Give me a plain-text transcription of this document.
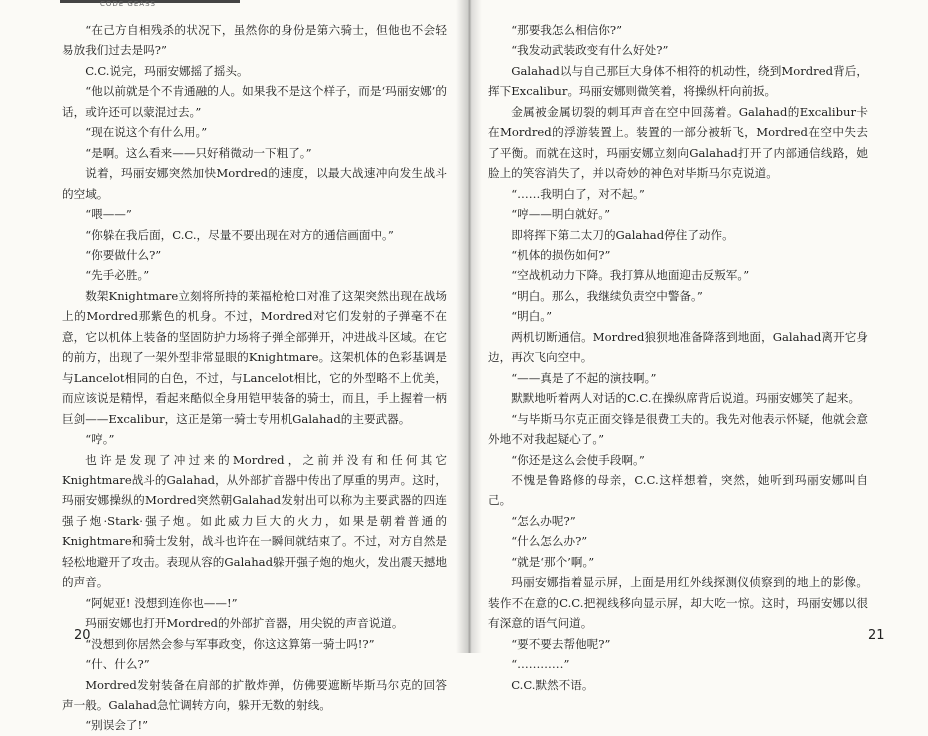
CODE GEASS

“在己方自相残杀的状况下，虽然你的身份是第六骑士，但他也不会轻易放我们过去是吗?”

C.C.说完，玛丽安娜摇了摇头。

“他以前就是个不肯通融的人。如果我不是这个样子，而是‘玛丽安娜’的话，或许还可以蒙混过去。”

“现在说这个有什么用。”

“是啊。这么看来——只好稍微动一下粗了。”

说着，玛丽安娜突然加快Mordred的速度，以最大战速冲向发生战斗的空域。

“喂——”

“你躲在我后面，C.C.，尽量不要出现在对方的通信画面中。”

“你要做什么?”

“先手必胜。”

数架Knightmare立刻将所持的莱福枪枪口对准了这架突然出现在战场上的Mordred那紫色的机身。不过，Mordred对它们发射的子弹毫不在意，它以机体上装备的坚固防护力场将子弹全部弹开，冲进战斗区域。在它的前方，出现了一架外型非常显眼的Knightmare。这架机体的色彩基调是与Lancelot相同的白色，不过，与Lancelot相比，它的外型略不上优美，而应该说是精悍，看起来酷似全身用铠甲装备的骑士，而且，手上握着一柄巨剑——Excalibur，这正是第一骑士专用机Galahad的主要武器。

“哼。”

也许是发现了冲过来的Mordred，之前并没有和任何其它Knightmare战斗的Galahad，从外部扩音器中传出了厚重的男声。这时，玛丽安娜操纵的Mordred突然朝Galahad发射出可以称为主要武器的四连强子炮·Stark·强子炮。如此威力巨大的火力，如果是朝着普通的Knightmare和骑士发射，战斗也许在一瞬间就结束了。不过，对方自然是轻松地避开了攻击。表现从容的Galahad躲开强子炮的炮火，发出震天撼地的声音。

“阿妮亚! 没想到连你也——!”

玛丽安娜也打开Mordred的外部扩音器，用尖锐的声音说道。

“没想到你居然会参与军事政变，你这这算第一骑士吗!?”

“什、什么?”

Mordred发射装备在肩部的扩散炸弹，仿佛要遮断毕斯马尔克的回答声一般。Galahad急忙调转方向，躲开无数的射线。

“别误会了!”

20

“那要我怎么相信你?”

“我发动武装政变有什么好处?”

Galahad以与自己那巨大身体不相符的机动性，绕到Mordred背后，挥下Excalibur。玛丽安娜则微笑着，将操纵杆向前扳。

金属被金属切裂的刺耳声音在空中回荡着。Galahad的Excalibur卡在Mordred的浮游装置上。装置的一部分被斩飞，Mordred在空中失去了平衡。而就在这时，玛丽安娜立刻向Galahad打开了内部通信线路，她脸上的笑容消失了，并以奇妙的神色对毕斯马尔克说道。

“……我明白了，对不起。”

“哼——明白就好。”

即将挥下第二太刀的Galahad停住了动作。

“机体的损伤如何?”

“空战机动力下降。我打算从地面迎击反叛军。”

“明白。那么，我继续负责空中警备。”

“明白。”

两机切断通信。Mordred狼狈地准备降落到地面，Galahad离开它身边，再次飞向空中。

“——真是了不起的演技啊。”

默默地听着两人对话的C.C.在操纵席背后说道。玛丽安娜笑了起来。

“与毕斯马尔克正面交锋是很费工夫的。我先对他表示怀疑，他就会意外地不对我起疑心了。”

“你还是这么会使手段啊。”

不愧是鲁路修的母亲，C.C.这样想着，突然，她听到玛丽安娜叫自己。

“怎么办呢?”

“什么怎么办?”

“就是‘那个’啊。”

玛丽安娜指着显示屏，上面是用红外线探测仪侦察到的地上的影像。装作不在意的C.C.把视线移向显示屏，却大吃一惊。这时，玛丽安娜以很有深意的语气问道。

“要不要去帮他呢?”

“…………”

C.C.默然不语。

21
